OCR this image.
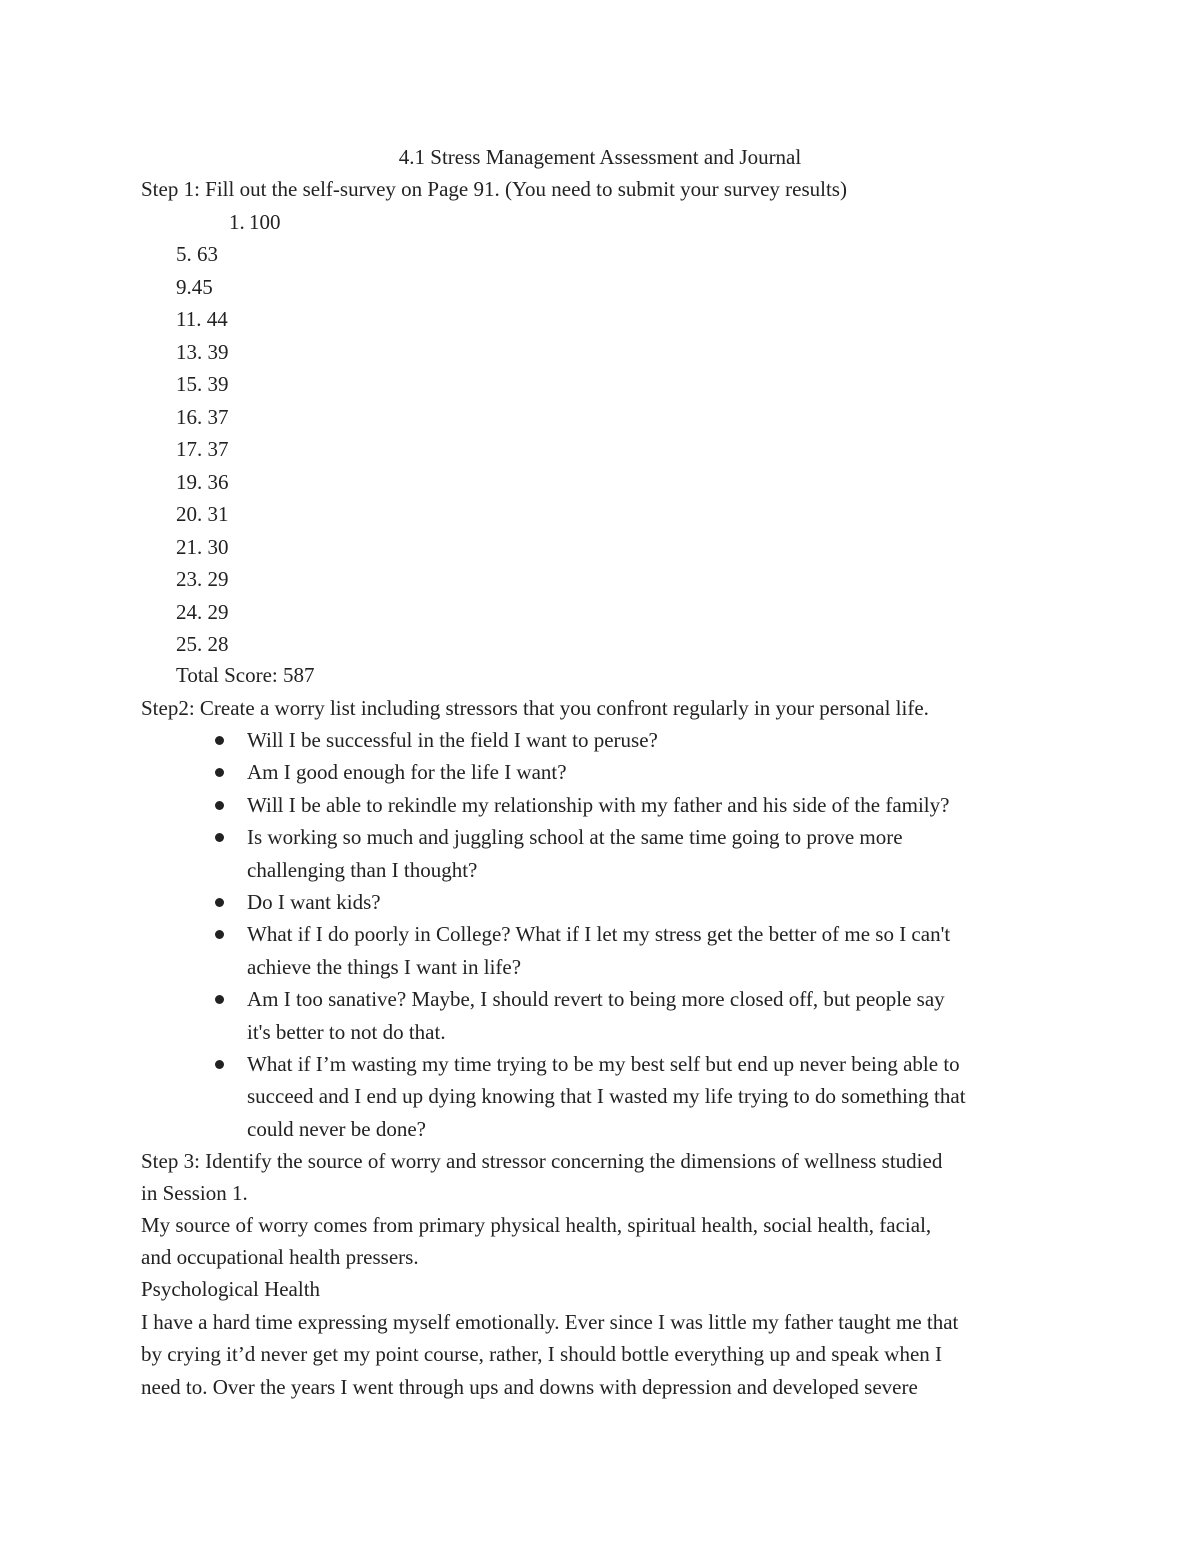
4.1 Stress Management Assessment and Journal
Step 1: Fill out the self-survey on Page 91. (You need to submit your survey results)
1. 100
5. 63
9.45
11. 44
13. 39
15. 39
16. 37
17. 37
19. 36
20. 31
21. 30
23. 29
24. 29
25. 28
Total Score: 587
Step2: Create a worry list including stressors that you confront regularly in your personal life.
Will I be successful in the field I want to peruse?
Am I good enough for the life I want?
Will I be able to rekindle my relationship with my father and his side of the family?
Is working so much and juggling school at the same time going to prove more
challenging than I thought?
Do I want kids?
What if I do poorly in College? What if I let my stress get the better of me so I can't
achieve the things I want in life?
Am I too sanative? Maybe, I should revert to being more closed off, but people say
it's better to not do that.
What if I’m wasting my time trying to be my best self but end up never being able to
succeed and I end up dying knowing that I wasted my life trying to do something that
could never be done?
Step 3: Identify the source of worry and stressor concerning the dimensions of wellness studied
in Session 1.
My source of worry comes from primary physical health, spiritual health, social health, facial,
and occupational health pressers.
Psychological Health
I have a hard time expressing myself emotionally. Ever since I was little my father taught me that
by crying it’d never get my point course, rather, I should bottle everything up and speak when I
need to. Over the years I went through ups and downs with depression and developed severe
